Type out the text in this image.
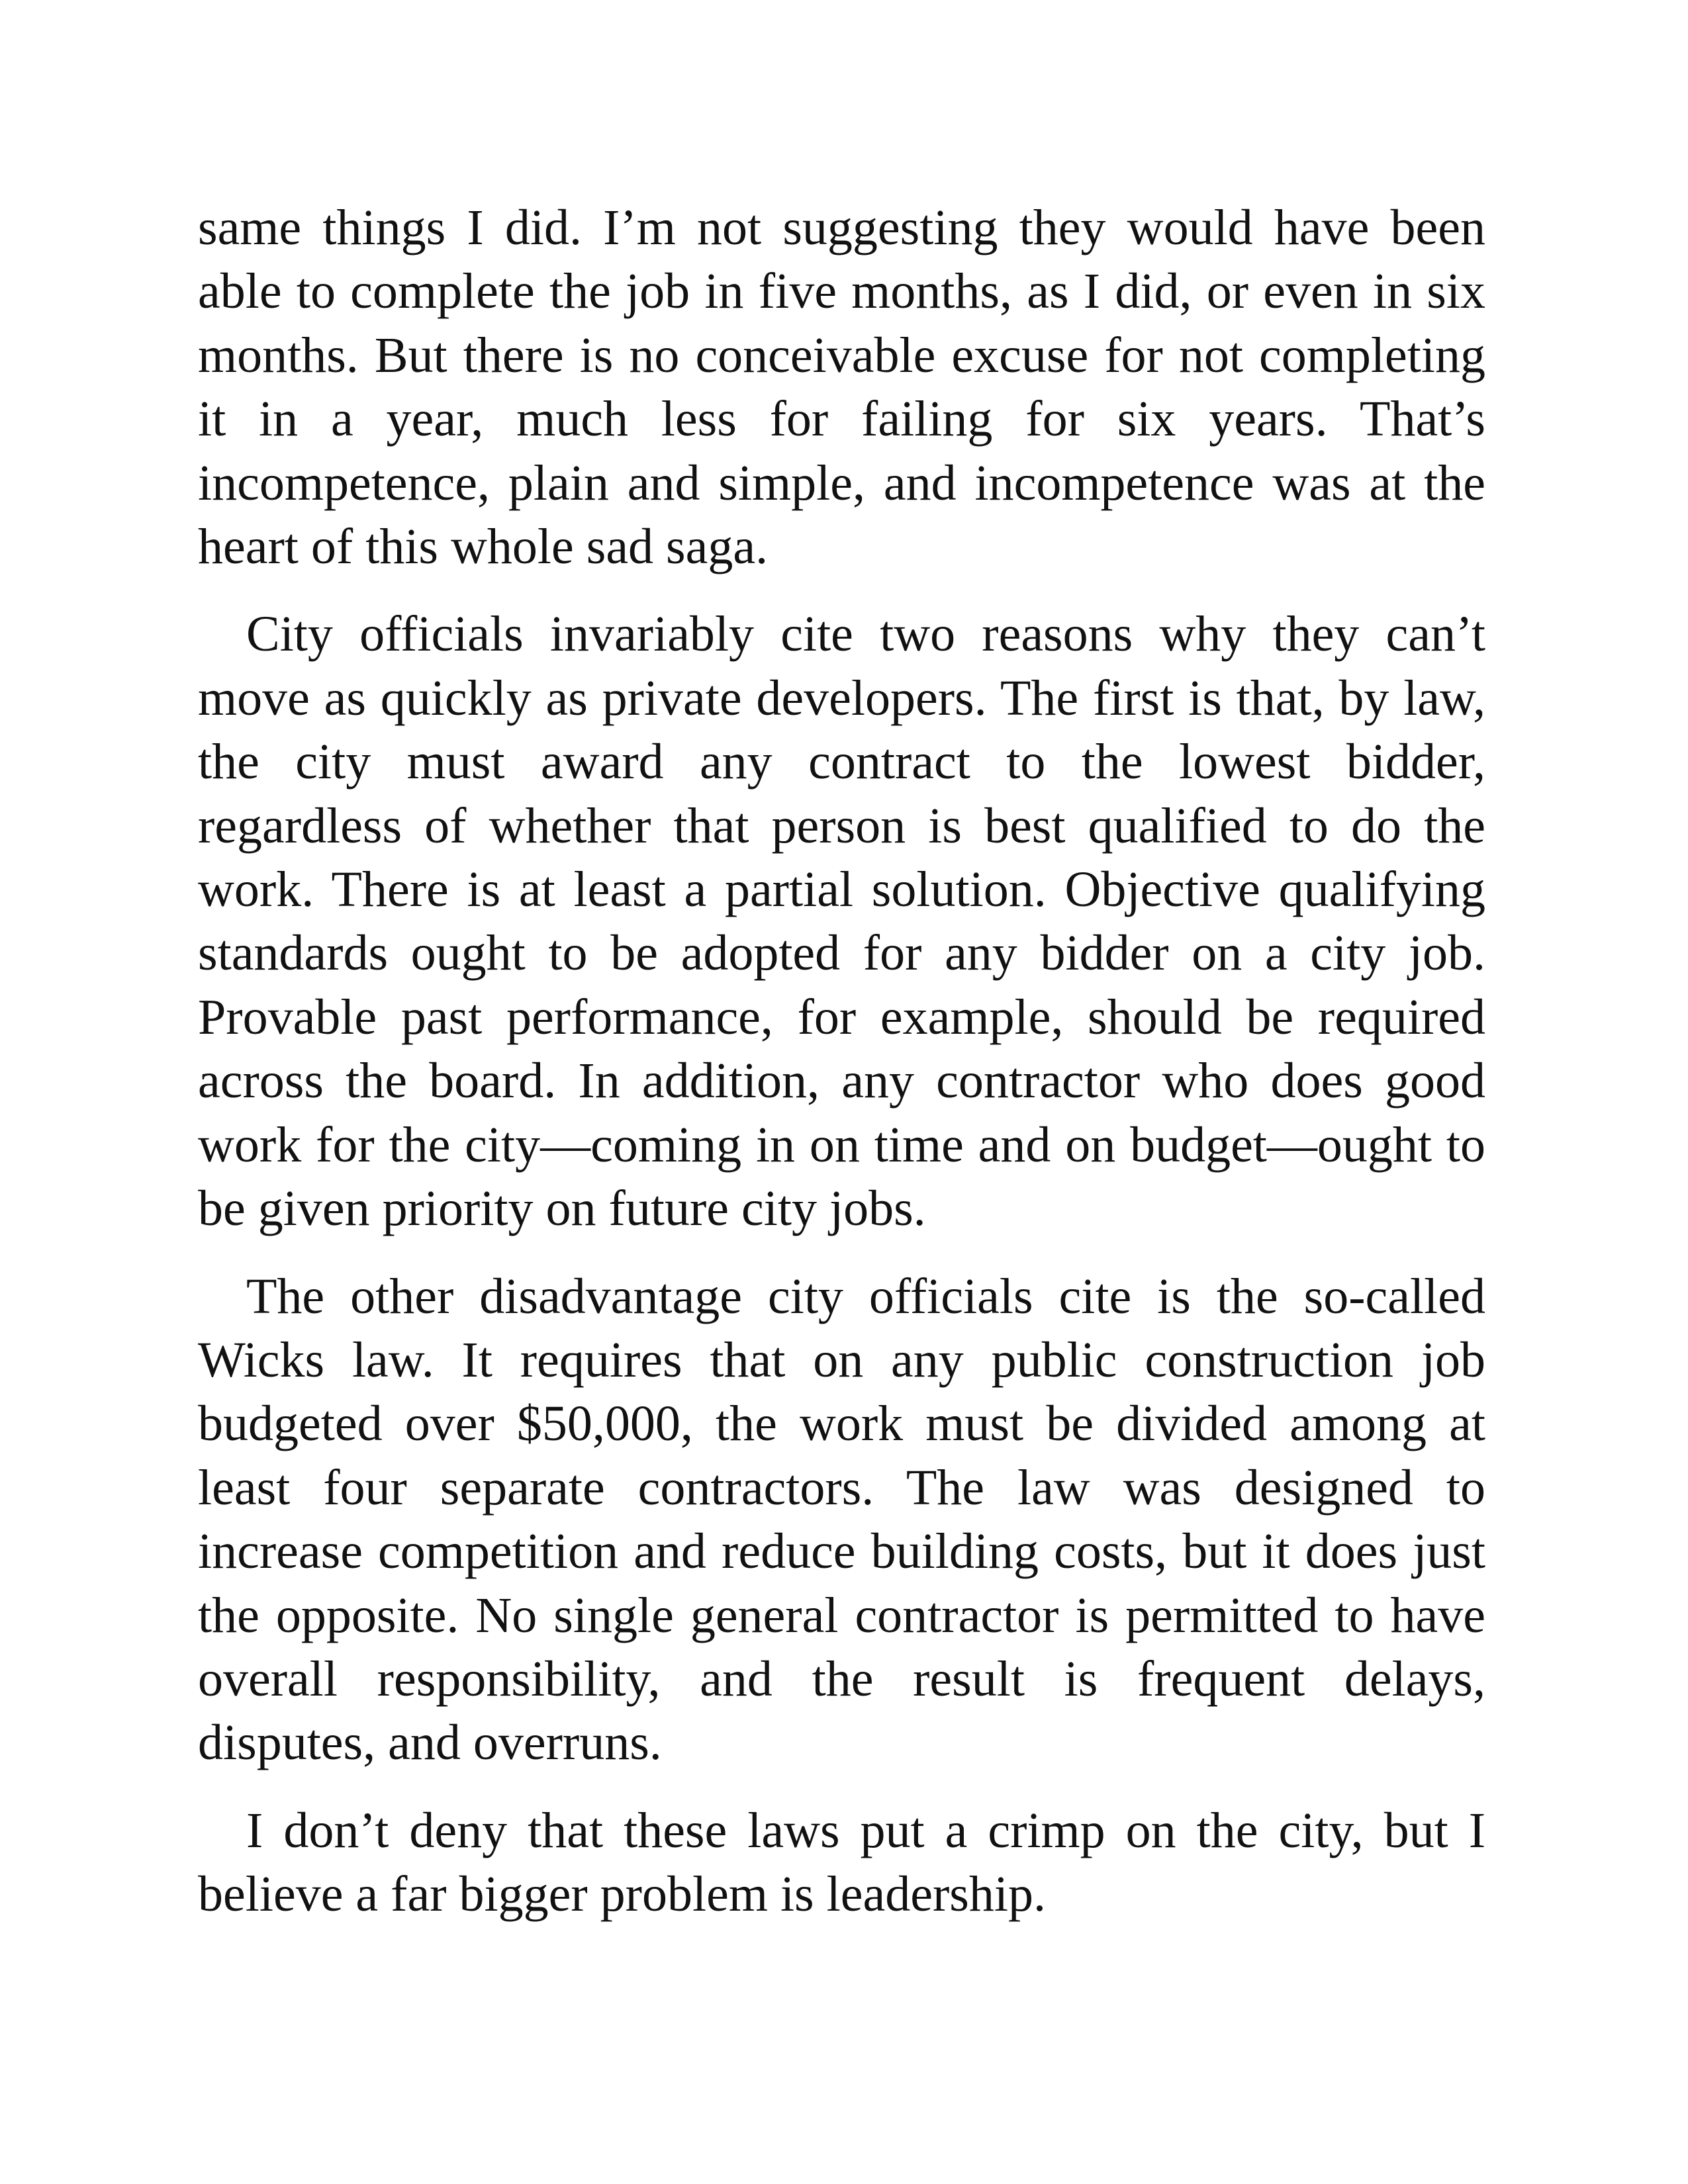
same things I did. I’m not suggesting they would have been able to complete the job in five months, as I did, or even in six months. But there is no conceivable excuse for not completing it in a year, much less for failing for six years. That’s incompetence, plain and simple, and incompetence was at the heart of this whole sad saga.

City officials invariably cite two reasons why they can’t move as quickly as private developers. The first is that, by law, the city must award any contract to the lowest bidder, regardless of whether that person is best qualified to do the work. There is at least a partial solution. Objective qualifying standards ought to be adopted for any bidder on a city job. Provable past performance, for example, should be required across the board. In addition, any contractor who does good work for the city—coming in on time and on budget—ought to be given priority on future city jobs.

The other disadvantage city officials cite is the so-called Wicks law. It requires that on any public construction job budgeted over $50,000, the work must be divided among at least four separate contractors. The law was designed to increase competition and reduce building costs, but it does just the opposite. No single general contractor is permitted to have overall responsibility, and the result is frequent delays, disputes, and overruns.

I don’t deny that these laws put a crimp on the city, but I believe a far bigger problem is leadership.
